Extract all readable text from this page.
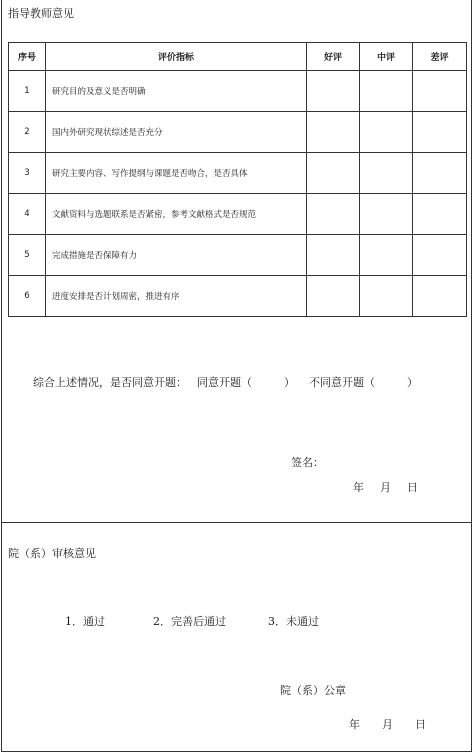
指导教师意见
序号	评价指标	好评	中评	差评
1	研究目的及意义是否明确			
2	国内外研究现状综述是否充分			
3	研究主要内容、写作提纲与课题是否吻合，是否具体			
4	文献资料与选题联系是否紧密，参考文献格式是否规范			
5	完成措施是否保障有力			
6	进度安排是否计划周密，推进有序			
综合上述情况，是否同意开题： 同意开题（	） 不同意开题（	）
签名：
年 月 日
院（系）审核意见
1．通过	2．完善后通过	3．未通过
院（系）公章
年 月 日
